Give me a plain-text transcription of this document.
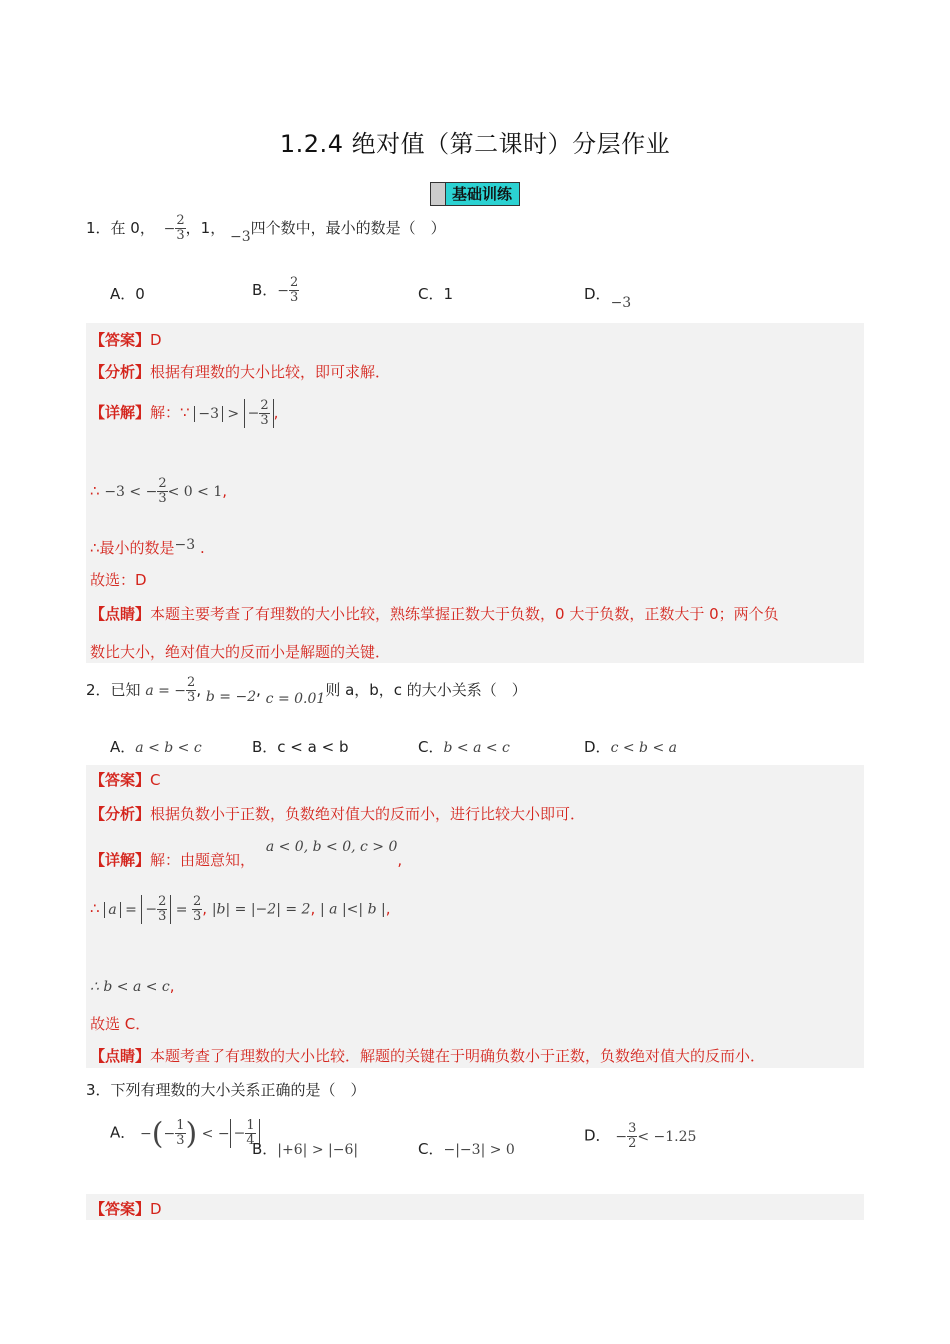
1.2.4 绝对值（第二课时）分层作业
基础训练
1．在 0， − $\frac{2}{3}$ ，1， −3四个数中，最小的数是（　）
A．0	B．− $\frac{2}{3}$	C．1	D．−3
【答案】D
【分析】根据有理数的大小比较，即可求解．
【详解】解：∵ −3 > − $\frac{2}{3}$ ,
∴ −3 < − $\frac{2}{3} < 0 < 1$,
∴最小的数是−3 .
故选：D
【点睛】本题主要考查了有理数的大小比较，熟练掌握正数大于负数，0 大于负数，正数大于 0；两个负
数比大小，绝对值大的反而小是解题的关键．
2．已知 a = − $\frac{2}{3}$ , b = −2, c = 0.01则 a，b，c 的大小关系（　）
A．a < b < c	B．c < a < b	C．b < a < c	D．c < b < a
【答案】C
【分析】根据负数小于正数，负数绝对值大的反而小，进行比较大小即可．
【详解】解：由题意知， a < 0, b < 0, c > 0,
∴ a = − $\frac{2}{3} = \frac{2}{3}$ , |b| = |−2| = 2, | a |<| b |,
∴ b < a < c,
故选 C．
【点睛】本题考查了有理数的大小比较．解题的关键在于明确负数小于正数，负数绝对值大的反而小．
3．下列有理数的大小关系正确的是（　）
A． −(− $\frac{1}{3}$ ) < − − $\frac{1}{4}$
B．|+6| > |−6|	C．−|−3| > 0
D． − $\frac{3}{2} < -1.25$
【答案】D
